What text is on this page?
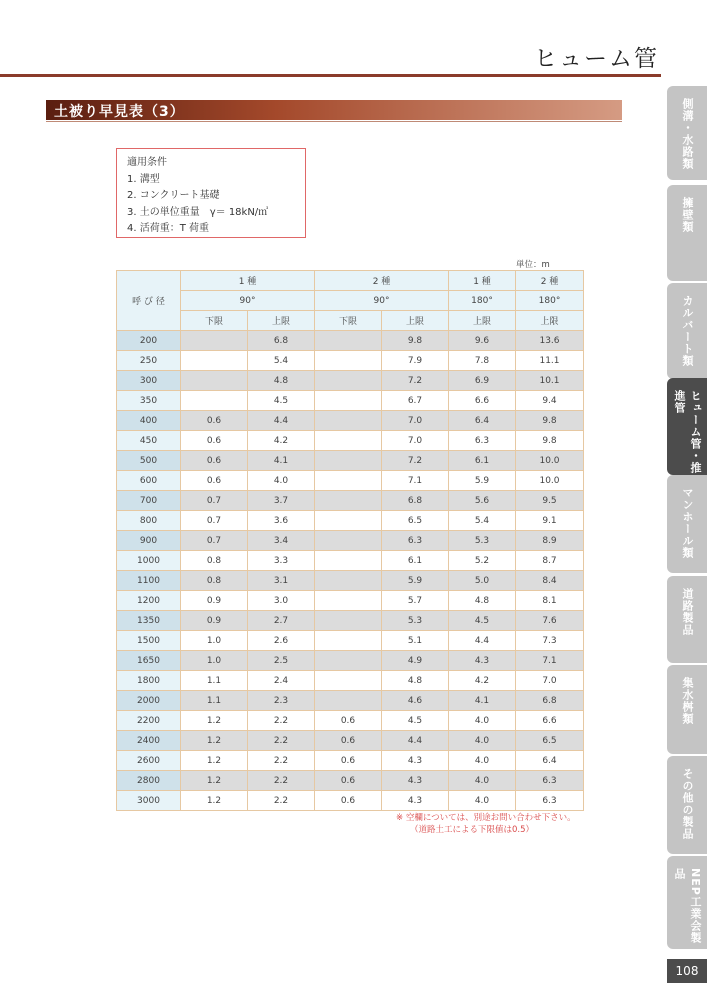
ヒューム管
土被り早見表（3）
適用条件
1. 溝型
2. コンクリート基礎
3. 土の単位重量　γ＝ 18kN/㎥
4. 活荷重：T 荷重
単位：m
呼 び 径	1 種		2 種		1 種	2 種
	90°		90°		180°	180°
	下限	上限	下限	上限	上限	上限
200		6.8		9.8	9.6	13.6
250		5.4		7.9	7.8	11.1
300		4.8		7.2	6.9	10.1
350		4.5		6.7	6.6	9.4
400	0.6	4.4		7.0	6.4	9.8
450	0.6	4.2		7.0	6.3	9.8
500	0.6	4.1		7.2	6.1	10.0
600	0.6	4.0		7.1	5.9	10.0
700	0.7	3.7		6.8	5.6	9.5
800	0.7	3.6		6.5	5.4	9.1
900	0.7	3.4		6.3	5.3	8.9
1000	0.8	3.3		6.1	5.2	8.7
1100	0.8	3.1		5.9	5.0	8.4
1200	0.9	3.0		5.7	4.8	8.1
1350	0.9	2.7		5.3	4.5	7.6
1500	1.0	2.6		5.1	4.4	7.3
1650	1.0	2.5		4.9	4.3	7.1
1800	1.1	2.4		4.8	4.2	7.0
2000	1.1	2.3		4.6	4.1	6.8
2200	1.2	2.2	0.6	4.5	4.0	6.6
2400	1.2	2.2	0.6	4.4	4.0	6.5
2600	1.2	2.2	0.6	4.3	4.0	6.4
2800	1.2	2.2	0.6	4.3	4.0	6.3
3000	1.2	2.2	0.6	4.3	4.0	6.3
※ 空欄については、別途お問い合わせ下さい。
（道路土工による下限値は0.5）
側溝・水路類
擁壁類
カルバート類
ヒューム管・推進管
マンホール類
道路製品
集水桝類
その他の製品
NEP工業会製品
108
